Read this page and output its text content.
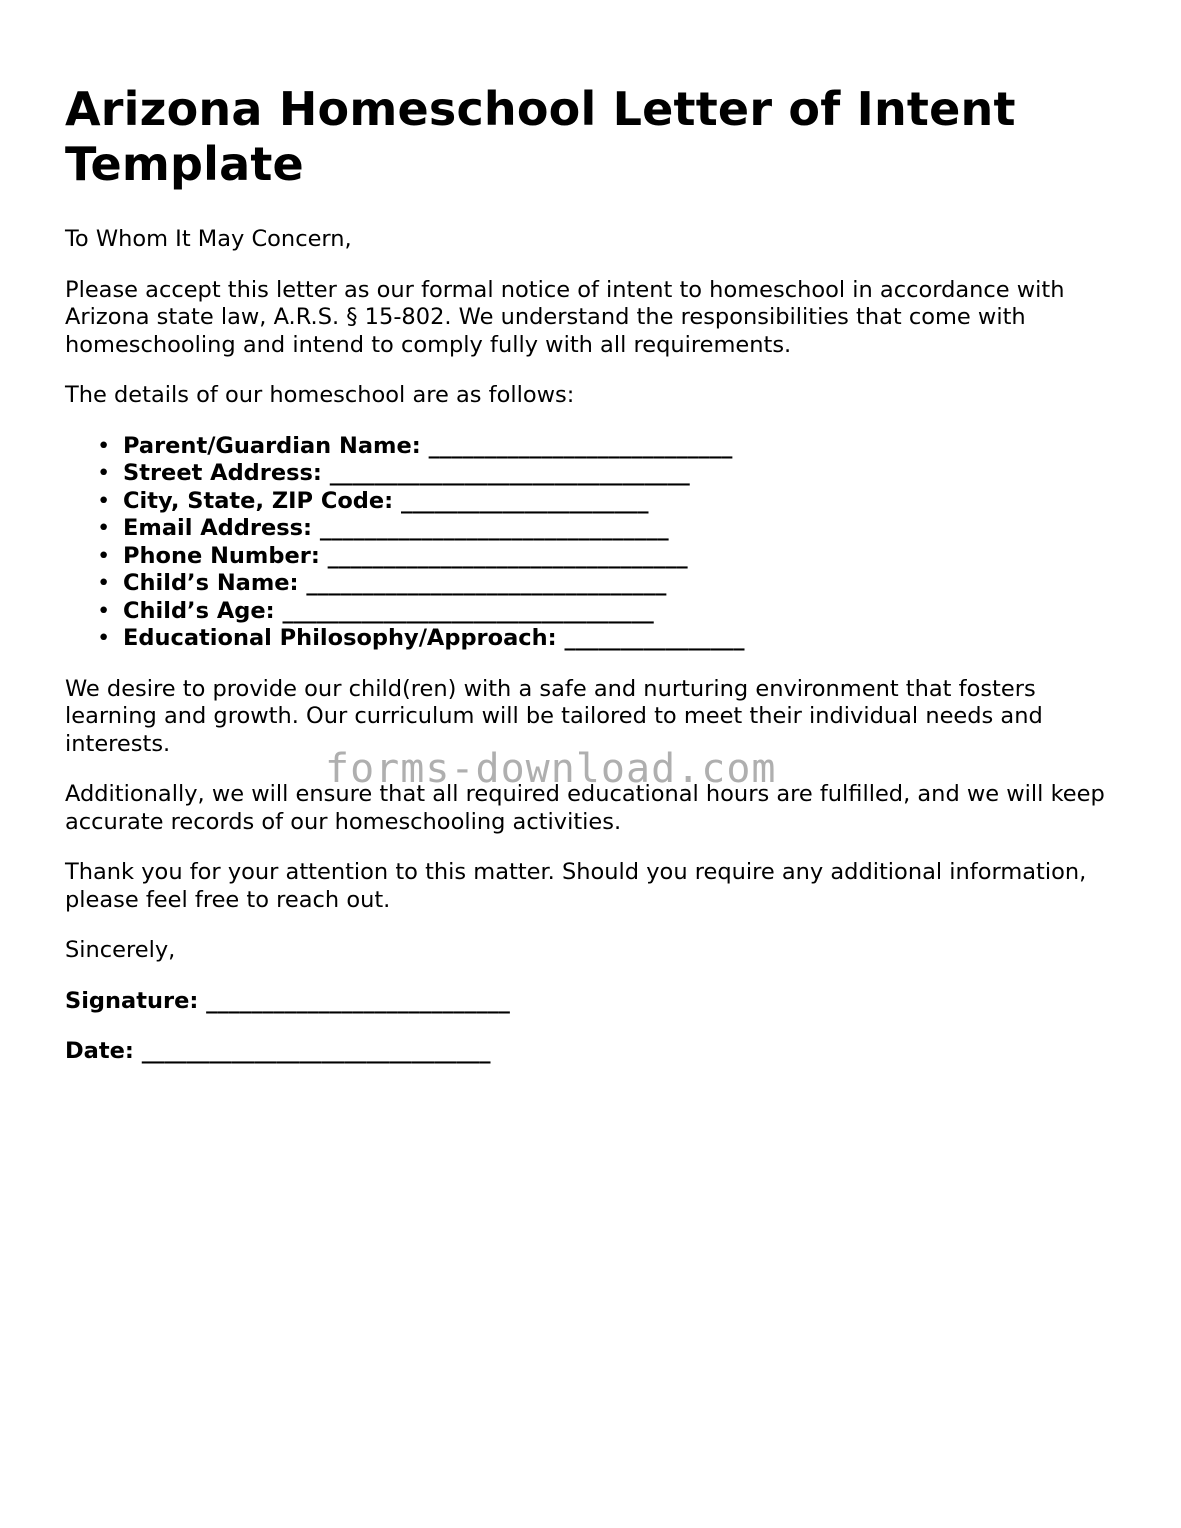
Arizona Homeschool Letter of Intent Template

To Whom It May Concern,

Please accept this letter as our formal notice of intent to homeschool in accordance with Arizona state law, A.R.S. § 15-802. We understand the responsibilities that come with homeschooling and intend to comply fully with all requirements.

The details of our homeschool are as follows:

• Parent/Guardian Name: ___________________________
• Street Address: ________________________________
• City, State, ZIP Code: ______________________
• Email Address: _______________________________
• Phone Number: ________________________________
• Child’s Name: ________________________________
• Child’s Age: _________________________________
• Educational Philosophy/Approach: ________________

We desire to provide our child(ren) with a safe and nurturing environment that fosters learning and growth. Our curriculum will be tailored to meet their individual needs and interests.

Additionally, we will ensure that all required educational hours are fulfilled, and we will keep accurate records of our homeschooling activities.

Thank you for your attention to this matter. Should you require any additional information, please feel free to reach out.

Sincerely,

Signature: ___________________________
Date: _______________________________
forms-download.com
